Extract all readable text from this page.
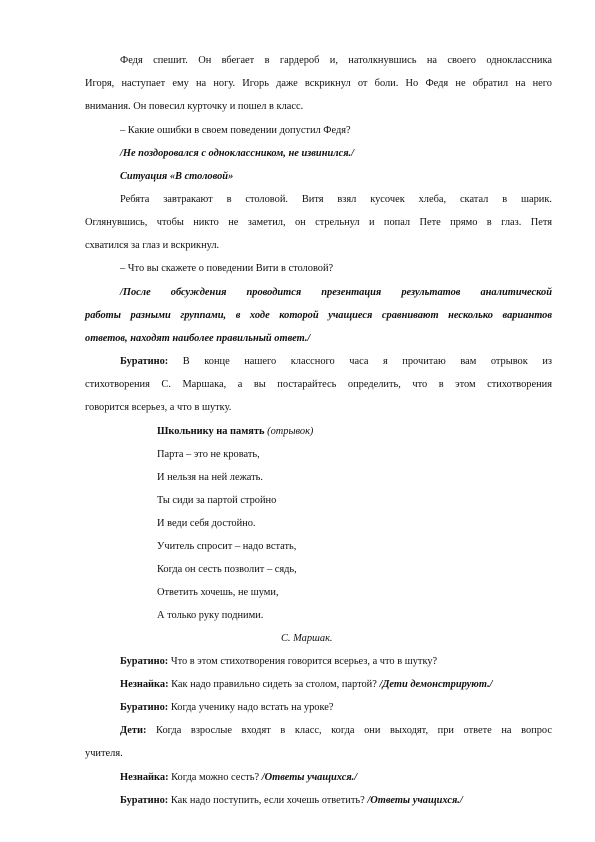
Федя спешит. Он вбегает в гардероб и, натолкнувшись на своего одноклассника
Игоря, наступает ему на ногу. Игорь даже вскрикнул от боли. Но Федя не обратил на него
внимания. Он повесил курточку и пошел в класс.
– Какие ошибки в своем поведении допустил Федя?
/Не поздоровался с одноклассником, не извинился./
Ситуация «В столовой»
Ребята завтракают в столовой. Витя взял кусочек хлеба, скатал в шарик.
Оглянувшись, чтобы никто не заметил, он стрельнул и попал Пете прямо в глаз. Петя
схватился за глаз и вскрикнул.
– Что вы скажете о поведении Вити в столовой?
/После обсуждения проводится презентация результатов аналитической
работы разными группами, в ходе которой учащиеся сравнивают несколько вариантов
ответов, находят наиболее правильный ответ./
Буратино: В конце нашего классного часа я прочитаю вам отрывок из
стихотворения С. Маршака, а вы постарайтесь определить, что в этом стихотворения
говорится всерьез, а что в шутку.
Школьнику на память (отрывок)
Парта – это не кровать,
И нельзя на ней лежать.
Ты сиди за партой стройно
И веди себя достойно.
Учитель спросит – надо встать,
Когда он сесть позволит – сядь,
Ответить хочешь, не шуми,
А только руку подними.
С. Маршак.
Буратино: Что в этом стихотворения говорится всерьез, а что в шутку?
Незнайка: Как надо правильно сидеть за столом, партой? /Дети демонстрируют./
Буратино: Когда ученику надо встать на уроке?
Дети: Когда взрослые входят в класс, когда они выходят, при ответе на вопрос
учителя.
Незнайка: Когда можно сесть? /Ответы учащихся./
Буратино: Как надо поступить, если хочешь ответить? /Ответы учащихся./
